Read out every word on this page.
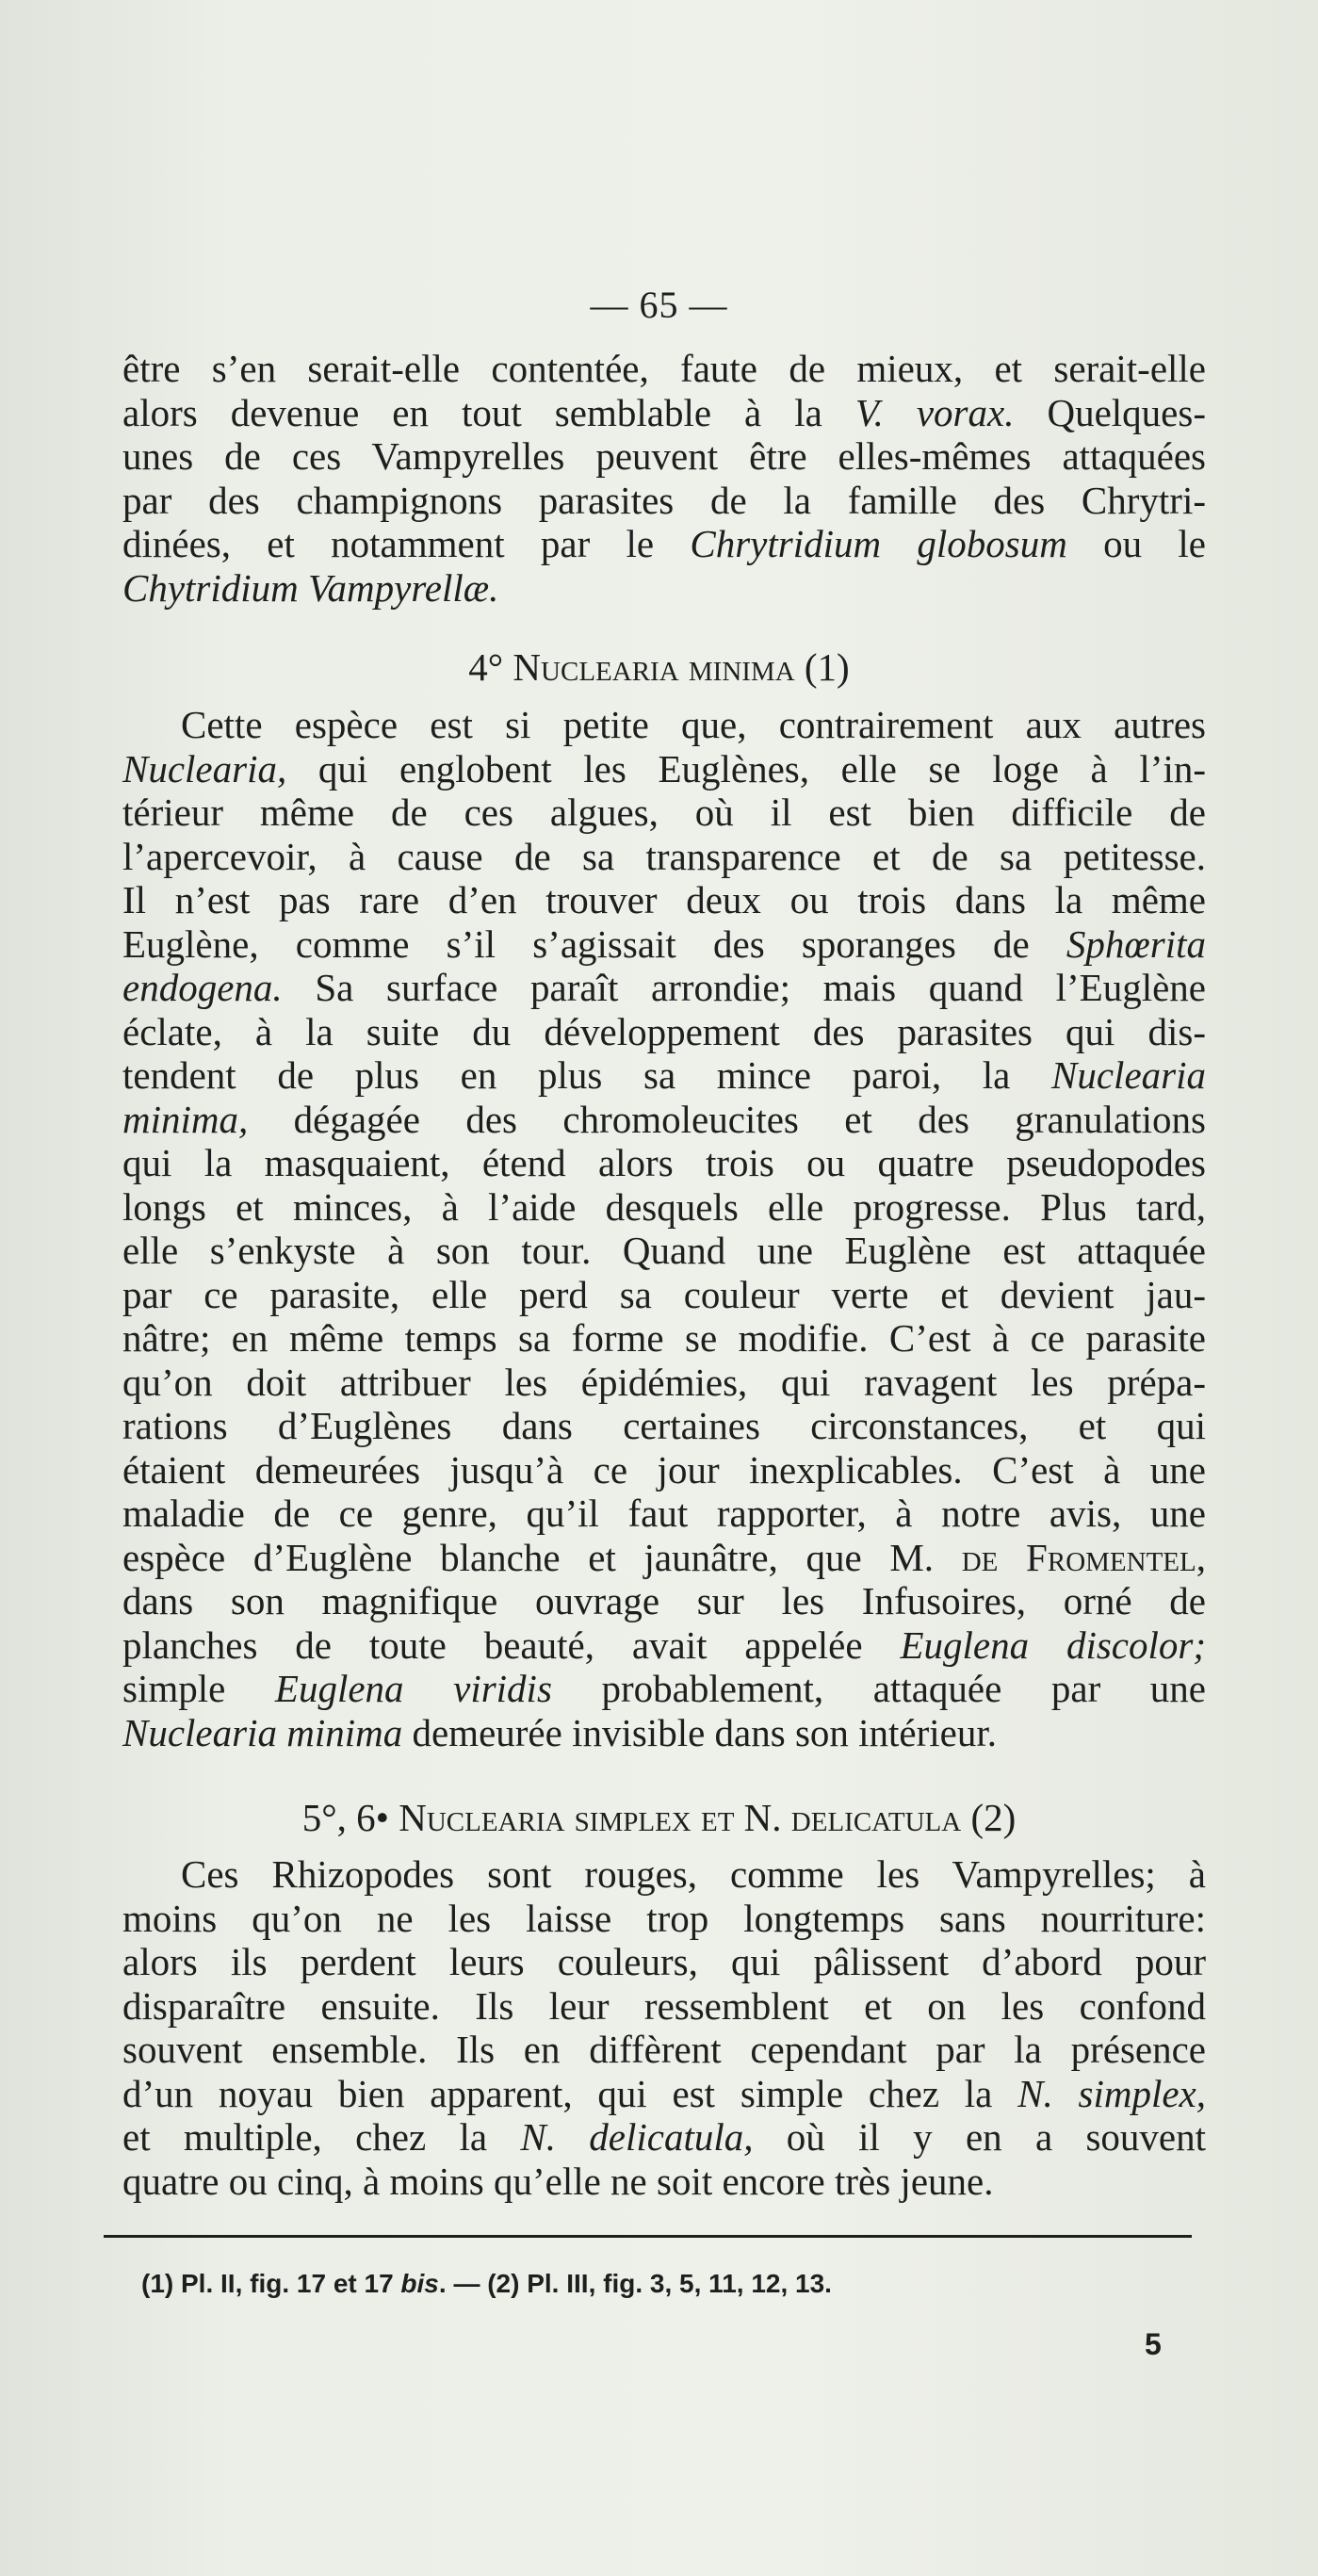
— 65 —
être s’en serait-elle contentée, faute de mieux, et serait-elle
alors devenue en tout semblable à la V. vorax. Quelques-
unes de ces Vampyrelles peuvent être elles-mêmes attaquées
par des champignons parasites de la famille des Chrytri-
dinées, et notamment par le Chrytridium globosum ou le
Chytridium Vampyrellæ.
4° Nuclearia minima (1)
Cette espèce est si petite que, contrairement aux autres
Nuclearia, qui englobent les Euglènes, elle se loge à l’in-
térieur même de ces algues, où il est bien difficile de
l’apercevoir, à cause de sa transparence et de sa petitesse.
Il n’est pas rare d’en trouver deux ou trois dans la même
Euglène, comme s’il s’agissait des sporanges de Sphœrita
endogena. Sa surface paraît arrondie; mais quand l’Euglène
éclate, à la suite du développement des parasites qui dis-
tendent de plus en plus sa mince paroi, la Nuclearia
minima, dégagée des chromoleucites et des granulations
qui la masquaient, étend alors trois ou quatre pseudopodes
longs et minces, à l’aide desquels elle progresse. Plus tard,
elle s’enkyste à son tour. Quand une Euglène est attaquée
par ce parasite, elle perd sa couleur verte et devient jau-
nâtre; en même temps sa forme se modifie. C’est à ce parasite
qu’on doit attribuer les épidémies, qui ravagent les prépa-
rations d’Euglènes dans certaines circonstances, et qui
étaient demeurées jusqu’à ce jour inexplicables. C’est à une
maladie de ce genre, qu’il faut rapporter, à notre avis, une
espèce d’Euglène blanche et jaunâtre, que M. de Fromentel,
dans son magnifique ouvrage sur les Infusoires, orné de
planches de toute beauté, avait appelée Euglena discolor;
simple Euglena viridis probablement, attaquée par une
Nuclearia minima demeurée invisible dans son intérieur.
5°, 6• Nuclearia simplex et N. delicatula (2)
Ces Rhizopodes sont rouges, comme les Vampyrelles; à
moins qu’on ne les laisse trop longtemps sans nourriture:
alors ils perdent leurs couleurs, qui pâlissent d’abord pour
disparaître ensuite. Ils leur ressemblent et on les confond
souvent ensemble. Ils en diffèrent cependant par la présence
d’un noyau bien apparent, qui est simple chez la N. simplex,
et multiple, chez la N. delicatula, où il y en a souvent
quatre ou cinq, à moins qu’elle ne soit encore très jeune.
(1) Pl. II, fig. 17 et 17 bis. — (2) Pl. III, fig. 3, 5, 11, 12, 13.
5
